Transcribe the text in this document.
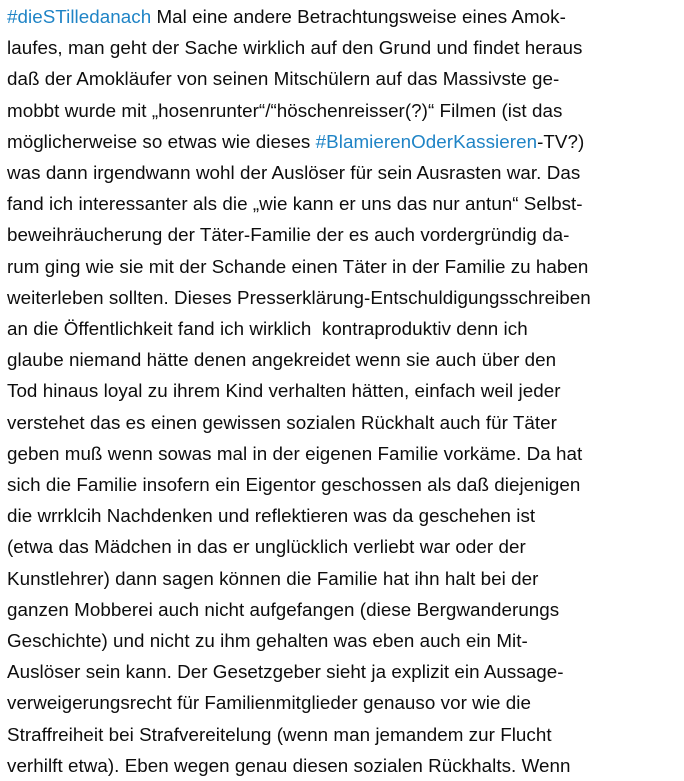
#dieSTilledanach Mal eine andere Betrachtungsweise eines Amok-
laufes, man geht der Sache wirklich auf den Grund und findet heraus
daß der Amokläufer von seinen Mitschülern auf das Massivste ge-
mobbt wurde mit „hosenrunter“/“höschenreisser(?)“ Filmen (ist das
möglicherweise so etwas wie dieses #BlamierenOderKassieren-TV?)
was dann irgendwann wohl der Auslöser für sein Ausrasten war. Das
fand ich interessanter als die „wie kann er uns das nur antun“ Selbst-
beweihräucherung der Täter-Familie der es auch vordergründig da-
rum ging wie sie mit der Schande einen Täter in der Familie zu haben
weiterleben sollten. Dieses Presserklärung-Entschuldigungsschreiben
an die Öffentlichkeit fand ich wirklich  kontraproduktiv denn ich
glaube niemand hätte denen angekreidet wenn sie auch über den
Tod hinaus loyal zu ihrem Kind verhalten hätten, einfach weil jeder
verstehet das es einen gewissen sozialen Rückhalt auch für Täter
geben muß wenn sowas mal in der eigenen Familie vorkäme. Da hat
sich die Familie insofern ein Eigentor geschossen als daß diejenigen
die wrrklcih Nachdenken und reflektieren was da geschehen ist
(etwa das Mädchen in das er unglücklich verliebt war oder der
Kunstlehrer) dann sagen können die Familie hat ihn halt bei der
ganzen Mobberei auch nicht aufgefangen (diese Bergwanderungs
Geschichte) und nicht zu ihm gehalten was eben auch ein Mit-
Auslöser sein kann. Der Gesetzgeber sieht ja explizit ein Aussage-
verweigerungsrecht für Familienmitglieder genauso vor wie die
Straffreiheit bei Strafvereitelung (wenn man jemandem zur Flucht
verhilft etwa). Eben wegen genau diesen sozialen Rückhalts. Wenn
